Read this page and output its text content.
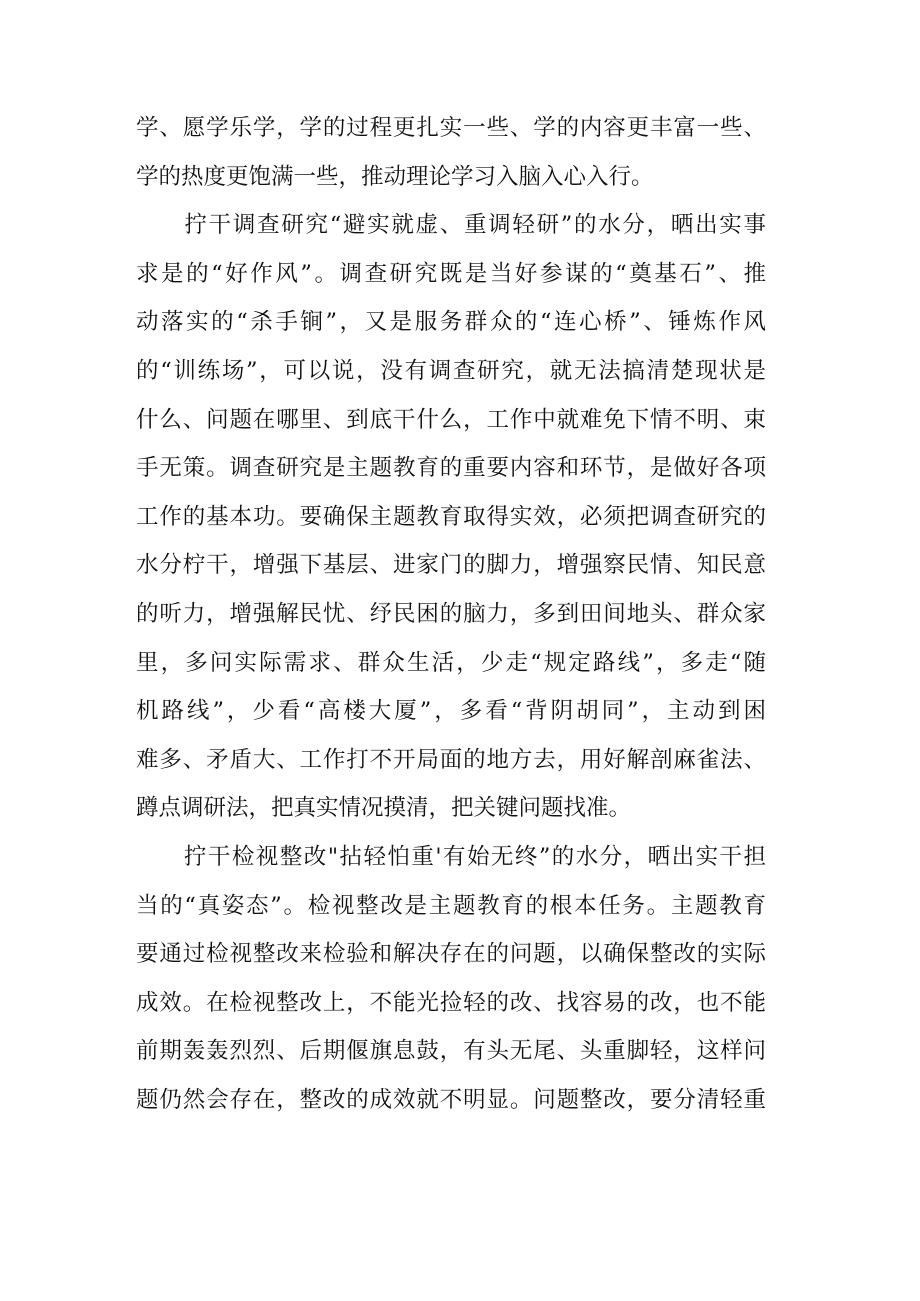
学、愿学乐学，学的过程更扎实一些、学的内容更丰富一些、
学的热度更饱满一些，推动理论学习入脑入心入行。
　　拧干调查研究“避实就虚、重调轻研”的水分，晒出实事
求是的“好作风”。调查研究既是当好参谋的“奠基石”、推
动落实的“杀手锏”，又是服务群众的“连心桥”、锤炼作风
的“训练场”，可以说，没有调查研究，就无法搞清楚现状是
什么、问题在哪里、到底干什么，工作中就难免下情不明、束
手无策。调查研究是主题教育的重要内容和环节，是做好各项
工作的基本功。要确保主题教育取得实效，必须把调查研究的
水分柠干，增强下基层、进家门的脚力，增强察民情、知民意
的听力，增强解民忧、纾民困的脑力，多到田间地头、群众家
里，多问实际需求、群众生活，少走“规定路线”，多走“随
机路线”，少看“高楼大厦”，多看“背阴胡同”，主动到困
难多、矛盾大、工作打不开局面的地方去，用好解剖麻雀法、
蹲点调研法，把真实情况摸清，把关键问题找准。
　　拧干检视整改"拈轻怕重'有始无终”的水分，晒出实干担
当的“真姿态”。检视整改是主题教育的根本任务。主题教育
要通过检视整改来检验和解决存在的问题，以确保整改的实际
成效。在检视整改上，不能光捡轻的改、找容易的改，也不能
前期轰轰烈烈、后期偃旗息鼓，有头无尾、头重脚轻，这样问
题仍然会存在，整改的成效就不明显。问题整改，要分清轻重
